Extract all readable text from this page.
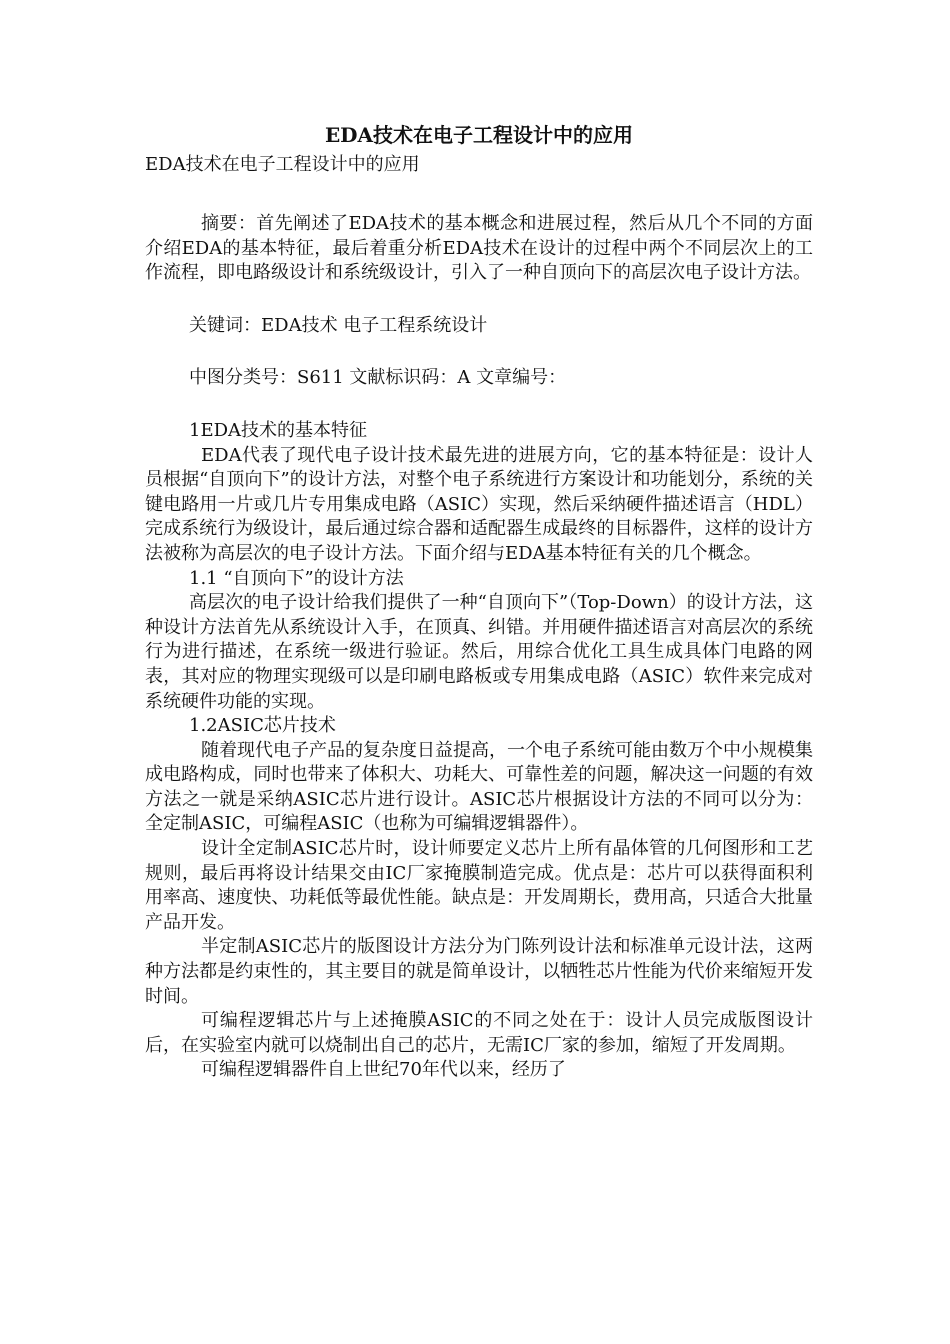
EDA技术在电子工程设计中的应用

EDA技术在电子工程设计中的应用

摘要：首先阐述了EDA技术的基本概念和进展过程，然后从几个不同的方面介绍EDA的基本特征，最后着重分析EDA技术在设计的过程中两个不同层次上的工作流程，即电路级设计和系统级设计，引入了一种自顶向下的高层次电子设计方法。

关键词：EDA技术 电子工程系统设计

中图分类号：S611 文献标识码：A 文章编号：

1EDA技术的基本特征

EDA代表了现代电子设计技术最先进的进展方向，它的基本特征是：设计人员根据“自顶向下”的设计方法，对整个电子系统进行方案设计和功能划分，系统的关键电路用一片或几片专用集成电路（ASIC）实现，然后采纳硬件描述语言（HDL）完成系统行为级设计，最后通过综合器和适配器生成最终的目标器件，这样的设计方法被称为高层次的电子设计方法。下面介绍与EDA基本特征有关的几个概念。

1.1 “自顶向下”的设计方法

高层次的电子设计给我们提供了一种“自顶向下”（Top-Down）的设计方法，这种设计方法首先从系统设计入手，在顶真、纠错。并用硬件描述语言对高层次的系统行为进行描述，在系统一级进行验证。然后，用综合优化工具生成具体门电路的网表，其对应的物理实现级可以是印刷电路板或专用集成电路（ASIC）软件来完成对系统硬件功能的实现。

1.2ASIC芯片技术

随着现代电子产品的复杂度日益提高，一个电子系统可能由数万个中小规模集成电路构成，同时也带来了体积大、功耗大、可靠性差的问题，解决这一问题的有效方法之一就是采纳ASIC芯片进行设计。ASIC芯片根据设计方法的不同可以分为：全定制ASIC，可编程ASIC（也称为可编辑逻辑器件）。

设计全定制ASIC芯片时，设计师要定义芯片上所有晶体管的几何图形和工艺规则，最后再将设计结果交由IC厂家掩膜制造完成。优点是：芯片可以获得面积利用率高、速度快、功耗低等最优性能。缺点是：开发周期长，费用高，只适合大批量产品开发。

半定制ASIC芯片的版图设计方法分为门陈列设计法和标准单元设计法，这两种方法都是约束性的，其主要目的就是简单设计，以牺牲芯片性能为代价来缩短开发时间。

可编程逻辑芯片与上述掩膜ASIC的不同之处在于：设计人员完成版图设计后，在实验室内就可以烧制出自己的芯片，无需IC厂家的参加，缩短了开发周期。

可编程逻辑器件自上世纪70年代以来，经历了
